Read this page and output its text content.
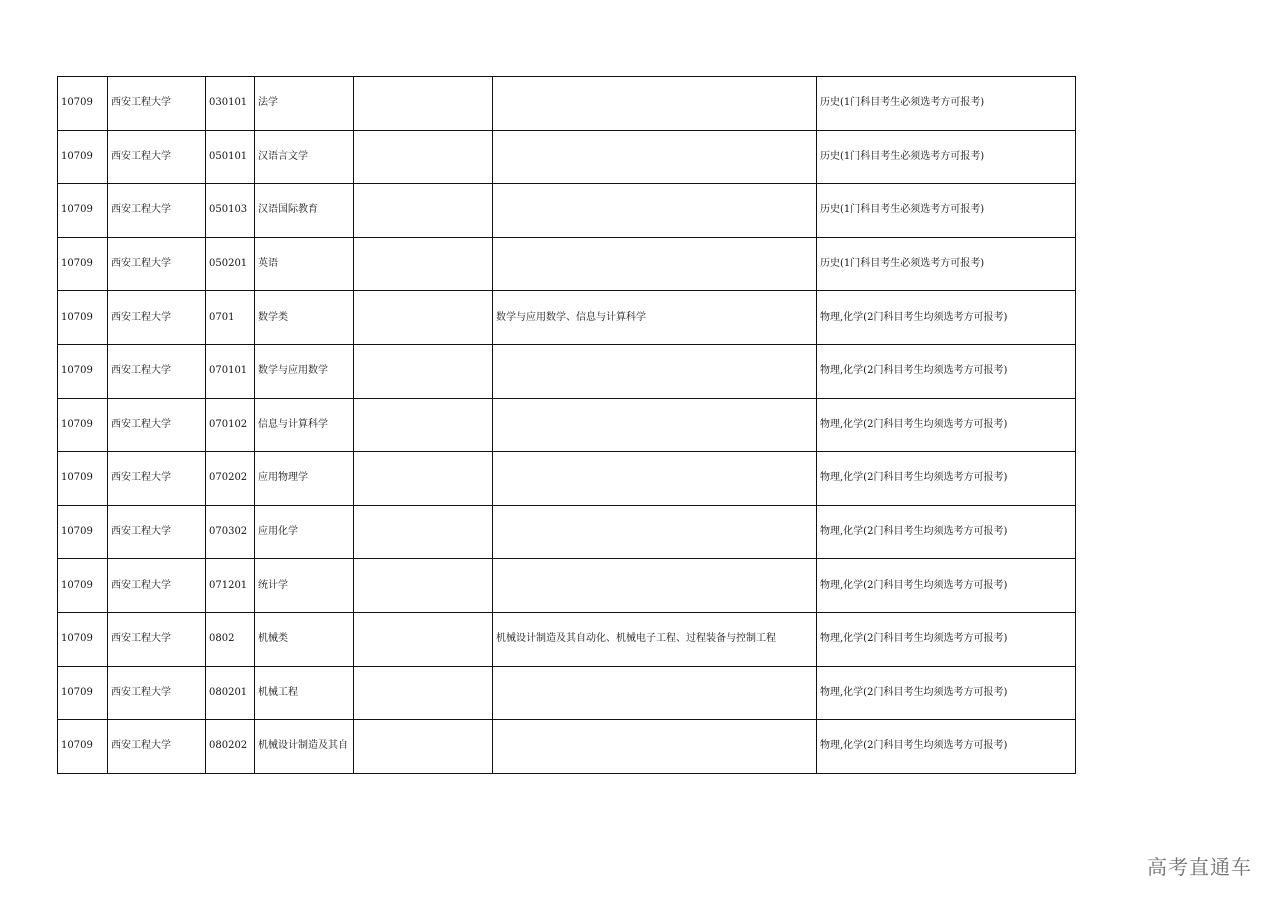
10709	西安工程大学	030101	法学			历史(1门科目考生必须选考方可报考)
10709	西安工程大学	050101	汉语言文学			历史(1门科目考生必须选考方可报考)
10709	西安工程大学	050103	汉语国际教育			历史(1门科目考生必须选考方可报考)
10709	西安工程大学	050201	英语			历史(1门科目考生必须选考方可报考)
10709	西安工程大学	0701	数学类		数学与应用数学、信息与计算科学	物理,化学(2门科目考生均须选考方可报考)
10709	西安工程大学	070101	数学与应用数学			物理,化学(2门科目考生均须选考方可报考)
10709	西安工程大学	070102	信息与计算科学			物理,化学(2门科目考生均须选考方可报考)
10709	西安工程大学	070202	应用物理学			物理,化学(2门科目考生均须选考方可报考)
10709	西安工程大学	070302	应用化学			物理,化学(2门科目考生均须选考方可报考)
10709	西安工程大学	071201	统计学			物理,化学(2门科目考生均须选考方可报考)
10709	西安工程大学	0802	机械类		机械设计制造及其自动化、机械电子工程、过程装备与控制工程	物理,化学(2门科目考生均须选考方可报考)
10709	西安工程大学	080201	机械工程			物理,化学(2门科目考生均须选考方可报考)
10709	西安工程大学	080202	机械设计制造及其自			物理,化学(2门科目考生均须选考方可报考)
高考直通车
